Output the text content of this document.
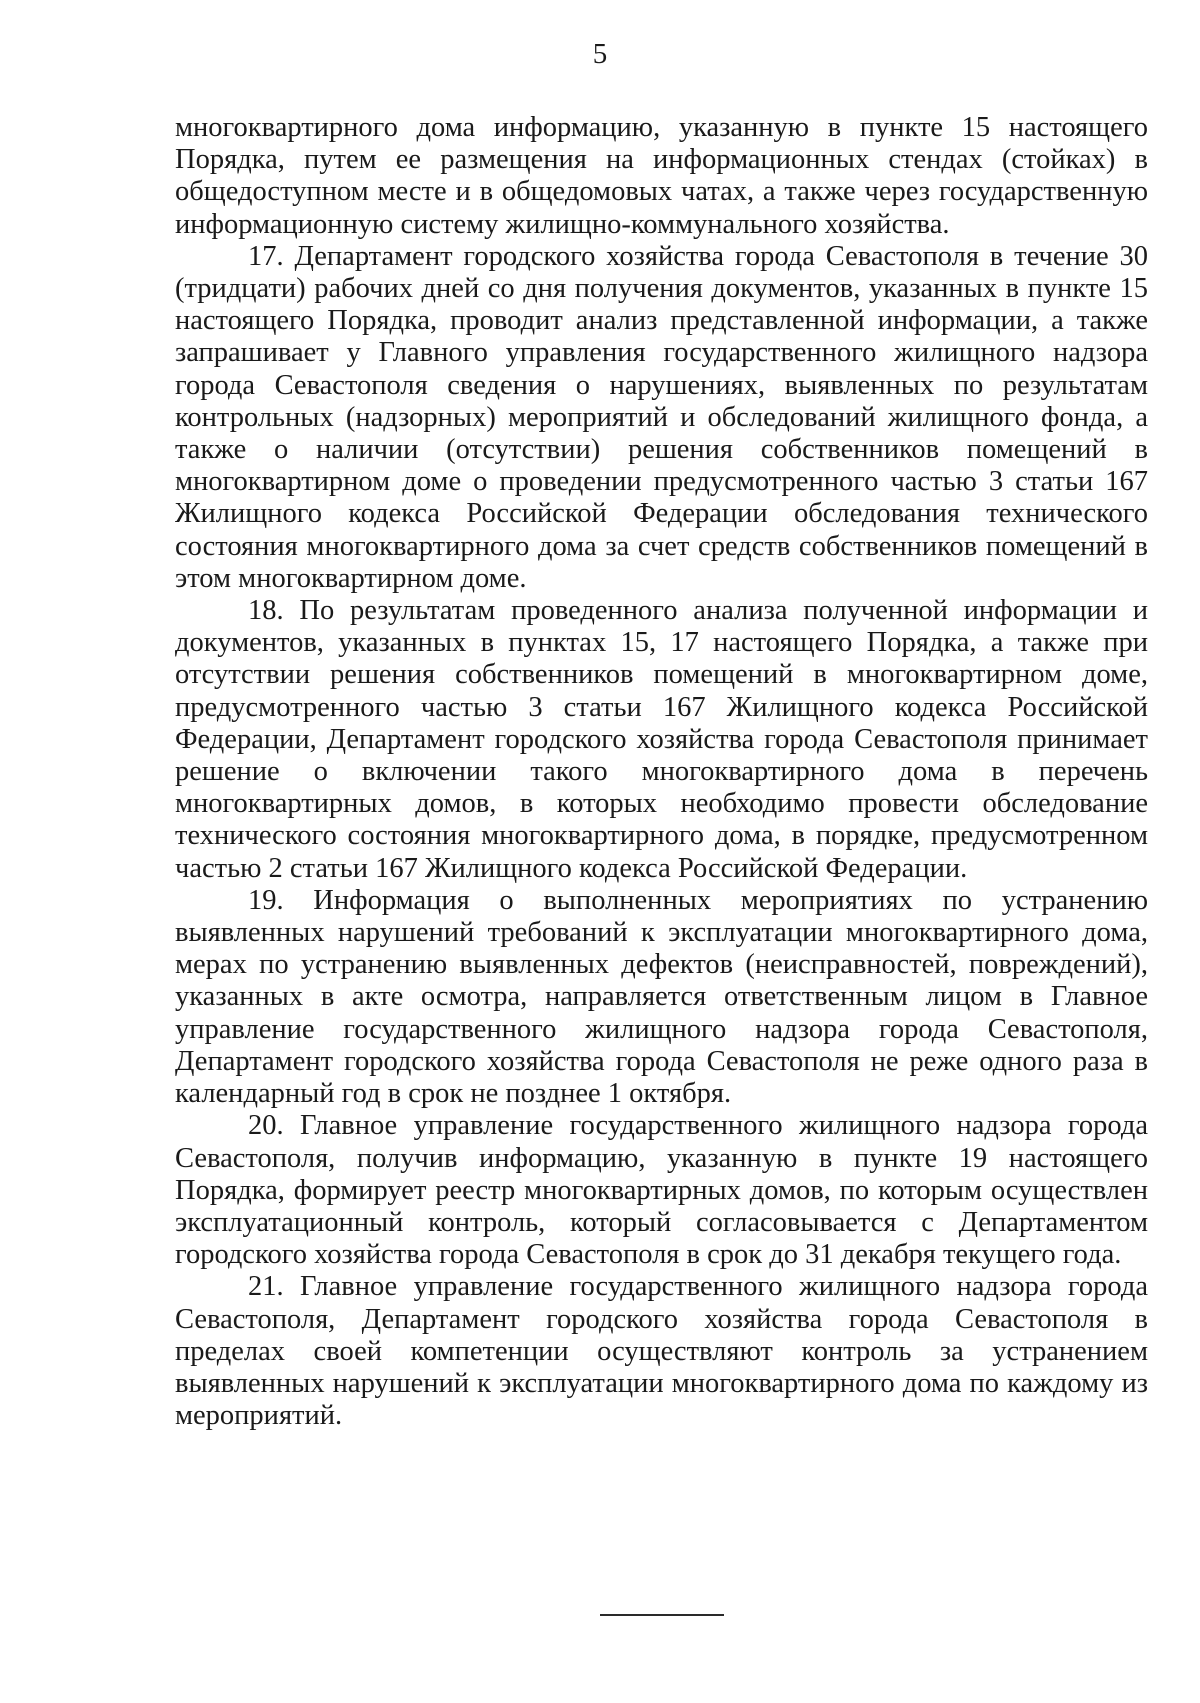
5

многоквартирного дома информацию, указанную в пункте 15 настоящего Порядка, путем ее размещения на информационных стендах (стойках) в общедоступном месте и в общедомовых чатах, а также через государственную информационную систему жилищно-коммунального хозяйства.

17. Департамент городского хозяйства города Севастополя в течение 30 (тридцати) рабочих дней со дня получения документов, указанных в пункте 15 настоящего Порядка, проводит анализ представленной информации, а также запрашивает у Главного управления государственного жилищного надзора города Севастополя сведения о нарушениях, выявленных по результатам контрольных (надзорных) мероприятий и обследований жилищного фонда, а также о наличии (отсутствии) решения собственников помещений в многоквартирном доме о проведении предусмотренного частью 3 статьи 167 Жилищного кодекса Российской Федерации обследования технического состояния многоквартирного дома за счет средств собственников помещений в этом многоквартирном доме.

18. По результатам проведенного анализа полученной информации и документов, указанных в пунктах 15, 17 настоящего Порядка, а также при отсутствии решения собственников помещений в многоквартирном доме, предусмотренного частью 3 статьи 167 Жилищного кодекса Российской Федерации, Департамент городского хозяйства города Севастополя принимает решение о включении такого многоквартирного дома в перечень многоквартирных домов, в которых необходимо провести обследование технического состояния многоквартирного дома, в порядке, предусмотренном частью 2 статьи 167 Жилищного кодекса Российской Федерации.

19. Информация о выполненных мероприятиях по устранению выявленных нарушений требований к эксплуатации многоквартирного дома, мерах по устранению выявленных дефектов (неисправностей, повреждений), указанных в акте осмотра, направляется ответственным лицом в Главное управление государственного жилищного надзора города Севастополя, Департамент городского хозяйства города Севастополя не реже одного раза в календарный год в срок не позднее 1 октября.

20. Главное управление государственного жилищного надзора города Севастополя, получив информацию, указанную в пункте 19 настоящего Порядка, формирует реестр многоквартирных домов, по которым осуществлен эксплуатационный контроль, который согласовывается с Департаментом городского хозяйства города Севастополя в срок до 31 декабря текущего года.

21. Главное управление государственного жилищного надзора города Севастополя, Департамент городского хозяйства города Севастополя в пределах своей компетенции осуществляют контроль за устранением выявленных нарушений к эксплуатации многоквартирного дома по каждому из мероприятий.
